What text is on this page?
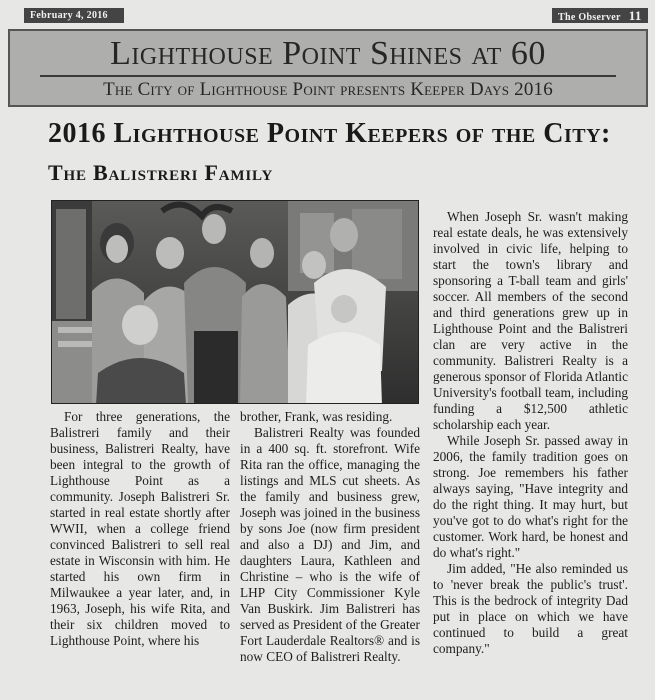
February 4, 2016	The Observer 11
Lighthouse Point Shines at 60
The City of Lighthouse Point presents Keeper Days 2016
2016 Lighthouse Point Keepers of the City:
The Balistreri Family

For three generations, the Balistreri family and their business, Balistreri Realty, have been integral to the growth of Lighthouse Point as a community. Joseph Balistreri Sr. started in real estate shortly after WWII, when a college friend convinced Balistreri to sell real estate in Wisconsin with him. He started his own firm in Milwaukee a year later, and, in 1963, Joseph, his wife Rita, and their six children moved to Lighthouse Point, where his

brother, Frank, was residing.

Balistreri Realty was founded in a 400 sq. ft. storefront. Wife Rita ran the office, managing the listings and MLS cut sheets. As the family and business grew, Joseph was joined in the business by sons Joe (now firm president and also a DJ) and Jim, and daughters Laura, Kathleen and Christine – who is the wife of LHP City Commissioner Kyle Van Buskirk. Jim Balistreri has served as President of the Greater Fort Lauderdale Realtors® and is now CEO of Balistreri Realty.

When Joseph Sr. wasn't making real estate deals, he was extensively involved in civic life, helping to start the town's library and sponsoring a T-ball team and girls' soccer. All members of the second and third generations grew up in Lighthouse Point and the Balistreri clan are very active in the community. Balistreri Realty is a generous sponsor of Florida Atlantic University's football team, including funding a $12,500 athletic scholarship each year.

While Joseph Sr. passed away in 2006, the family tradition goes on strong. Joe remembers his father always saying, "Have integrity and do the right thing. It may hurt, but you've got to do what's right for the customer. Work hard, be honest and do what's right."

Jim added, "He also reminded us to 'never break the public's trust'. This is the bedrock of integrity Dad put in place on which we have continued to build a great company."
